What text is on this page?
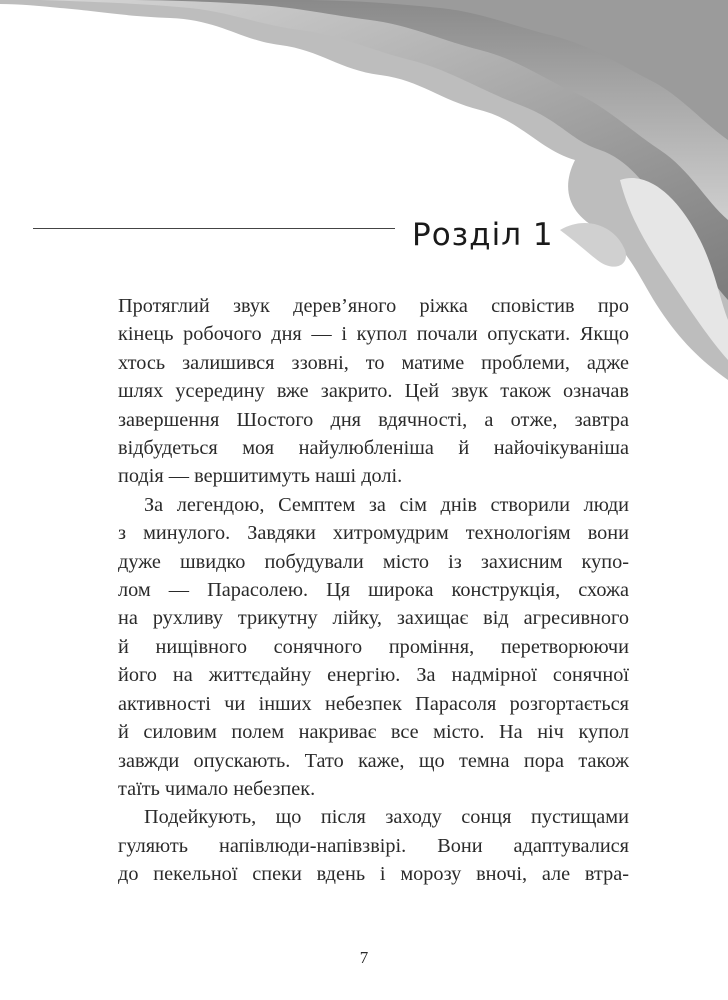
Розділ 1

Протяглий звук дерев’яного ріжка сповістив про
кінець робочого дня — і купол почали опускати. Якщо
хтось залишився ззовні, то матиме проблеми, адже
шлях усередину вже закрито. Цей звук також означав
завершення Шостого дня вдячності, а отже, завтра
відбудеться моя найулюбленіша й найочікуваніша
подія — вершитимуть наші долі.

За легендою, Семптем за сім днів створили люди
з минулого. Завдяки хитромудрим технологіям вони
дуже швидко побудували місто із захисним купо-
лом — Парасолею. Ця широка конструкція, схожа
на рухливу трикутну лійку, захищає від агресивного
й нищівного сонячного проміння, перетворюючи
його на життєдайну енергію. За надмірної сонячної
активності чи інших небезпек Парасоля розгортається
й силовим полем накриває все місто. На ніч купол
завжди опускають. Тато каже, що темна пора також
таїть чимало небезпек.

Подейкують, що після заходу сонця пустищами
гуляють напівлюди-напівзвірі. Вони адаптувалися
до пекельної спеки вдень і морозу вночі, але втра-

7
